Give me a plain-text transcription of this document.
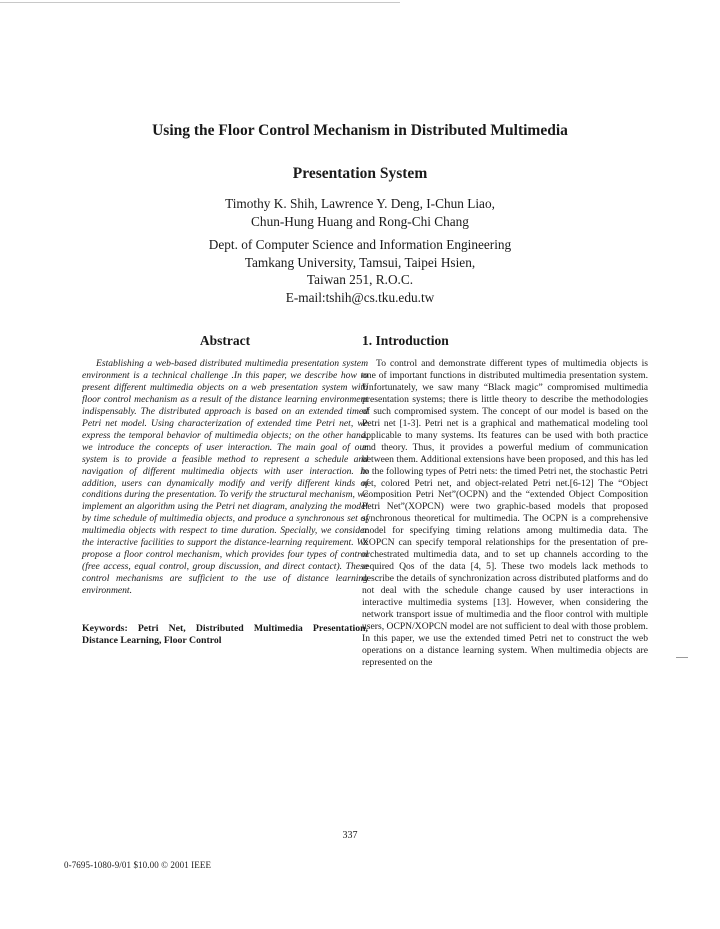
Using the Floor Control Mechanism in Distributed Multimedia
Presentation System
Timothy K. Shih, Lawrence Y. Deng, I-Chun Liao,
Chun-Hung Huang and Rong-Chi Chang
Dept. of Computer Science and Information Engineering
Tamkang University, Tamsui, Taipei Hsien,
Taiwan 251, R.O.C.
E-mail:tshih@cs.tku.edu.tw
Abstract

Establishing a web-based distributed multimedia presentation system environment is a technical challenge .In this paper, we describe how to present different multimedia objects on a web presentation system with floor control mechanism as a result of the distance learning environment indispensably. The distributed approach is based on an extended timed Petri net model. Using characterization of extended time Petri net, we express the temporal behavior of multimedia objects; on the other hand, we introduce the concepts of user interaction. The main goal of our system is to provide a feasible method to represent a schedule and navigation of different multimedia objects with user interaction. In addition, users can dynamically modify and verify different kinds of conditions during the presentation. To verify the structural mechanism, we implement an algorithm using the Petri net diagram, analyzing the model by time schedule of multimedia objects, and produce a synchronous set of multimedia objects with respect to time duration. Specially, we consider the interactive facilities to support the distance-learning requirement. We propose a floor control mechanism, which provides four types of control (free access, equal control, group discussion, and direct contact). These control mechanisms are sufficient to the use of distance learning environment.

Keywords: Petri Net, Distributed Multimedia Presentation, Distance Learning, Floor Control
1. Introduction

To control and demonstrate different types of multimedia objects is one of important functions in distributed multimedia presentation system. Unfortunately, we saw many “Black magic” compromised multimedia presentation systems; there is little theory to describe the methodologies of such compromised system. The concept of our model is based on the Petri net [1-3]. Petri net is a graphical and mathematical modeling tool applicable to many systems. Its features can be used with both practice and theory. Thus, it provides a powerful medium of communication between them. Additional extensions have been proposed, and this has led to the following types of Petri nets: the timed Petri net, the stochastic Petri net, colored Petri net, and object-related Petri net.[6-12] The “Object Composition Petri Net”(OCPN) and the “extended Object Composition Petri Net”(XOPCN) were two graphic-based models that proposed synchronous theoretical for multimedia. The OCPN is a comprehensive model for specifying timing relations among multimedia data. The XOPCN can specify temporal relationships for the presentation of pre-orchestrated multimedia data, and to set up channels according to the required Qos of the data [4, 5]. These two models lack methods to describe the details of synchronization across distributed platforms and do not deal with the schedule change caused by user interactions in interactive multimedia systems [13]. However, when considering the network transport issue of multimedia and the floor control with multiple users, OCPN/XOPCN model are not sufficient to deal with those problem. In this paper, we use the extended timed Petri net to construct the web operations on a distance learning system. When multimedia objects are represented on the

337
0-7695-1080-9/01 $10.00 © 2001 IEEE
